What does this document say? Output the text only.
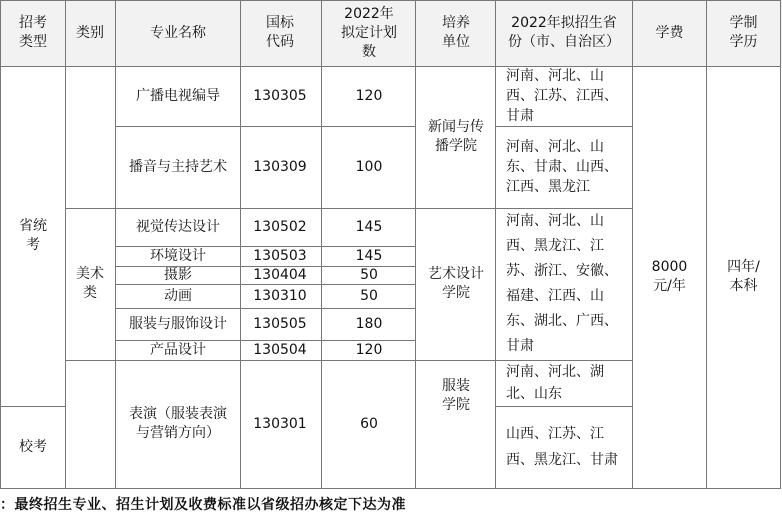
招考类型
类别	专业名称
国标代码
2022年拟定计划数
培养单位
2022年拟招生省份（市、自治区）
学费
学制学历
省统考
校考
美术类
广播电视编导
播音与主持艺术
视觉传达设计
环境设计
摄影
动画
服装与服饰设计
产品设计
表演（服装表演与营销方向）
130305
130309
130502
130503
130404
130310
130505
130504
130301
120
100
145
145
50
50
180
120
60
新闻与传播学院
艺术设计学院
服装学院
河南、河北、山西、江苏、江西、甘肃
河南、河北、山东、甘肃、山西、江西、黑龙江
河南、河北、山西、黑龙江、江苏、浙江、安徽、福建、江西、山东、湖北、广西、甘肃
河南、河北、湖北、山东
山西、江苏、江西、黑龙江、甘肃
8000元/年
四年/本科
：最终招生专业、招生计划及收费标准以省级招办核定下达为准
